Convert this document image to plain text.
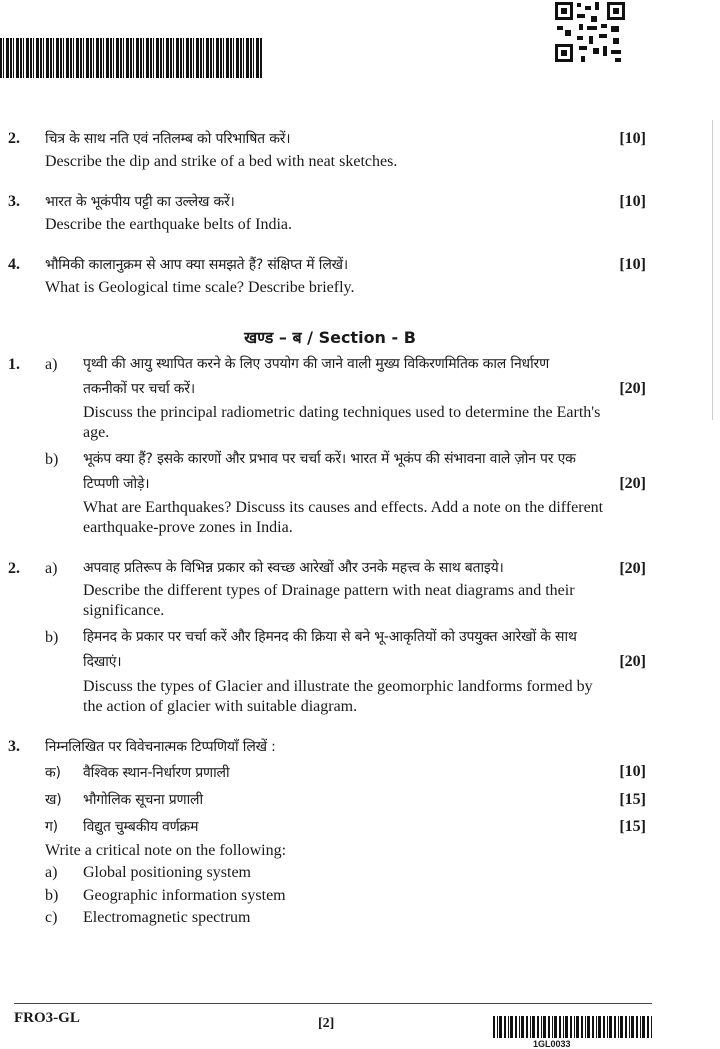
2. चित्र के साथ नति एवं नतिलम्ब को परिभाषित करें।	[10]
Describe the dip and strike of a bed with neat sketches.
3. भारत के भूकंपीय पट्टी का उल्लेख करें।	[10]
Describe the earthquake belts of India.
4. भौमिकी कालानुक्रम से आप क्या समझते हैं? संक्षिप्त में लिखें।	[10]
What is Geological time scale? Describe briefly.
खण्ड – ब / Section - B
1. a) पृथ्वी की आयु स्थापित करने के लिए उपयोग की जाने वाली मुख्य विकिरणमितिक काल निर्धारण
तकनीकों पर चर्चा करें।	[20]
Discuss the principal radiometric dating techniques used to determine the Earth's
age.
b) भूकंप क्या हैं? इसके कारणों और प्रभाव पर चर्चा करें। भारत में भूकंप की संभावना वाले ज़ोन पर एक
टिप्पणी जोड़े।	[20]
What are Earthquakes? Discuss its causes and effects. Add a note on the different
earthquake-prove zones in India.
2. a) अपवाह प्रतिरूप के विभिन्न प्रकार को स्वच्छ आरेखों और उनके महत्त्व के साथ बताइये।	[20]
Describe the different types of Drainage pattern with neat diagrams and their
significance.
b) हिमनद के प्रकार पर चर्चा करें और हिमनद की क्रिया से बने भू-आकृतियों को उपयुक्त आरेखों के साथ
दिखाएं।	[20]
Discuss the types of Glacier and illustrate the geomorphic landforms formed by
the action of glacier with suitable diagram.
3. निम्नलिखित पर विवेचनात्मक टिप्पणियाँ लिखें :
क) वैश्विक स्थान-निर्धारण प्रणाली	[10]
ख) भौगोलिक सूचना प्रणाली	[15]
ग) विद्युत चुम्बकीय वर्णक्रम	[15]
Write a critical note on the following:
a) Global positioning system
b) Geographic information system
c) Electromagnetic spectrum
FRO3-GL	[2]
1GL0033
